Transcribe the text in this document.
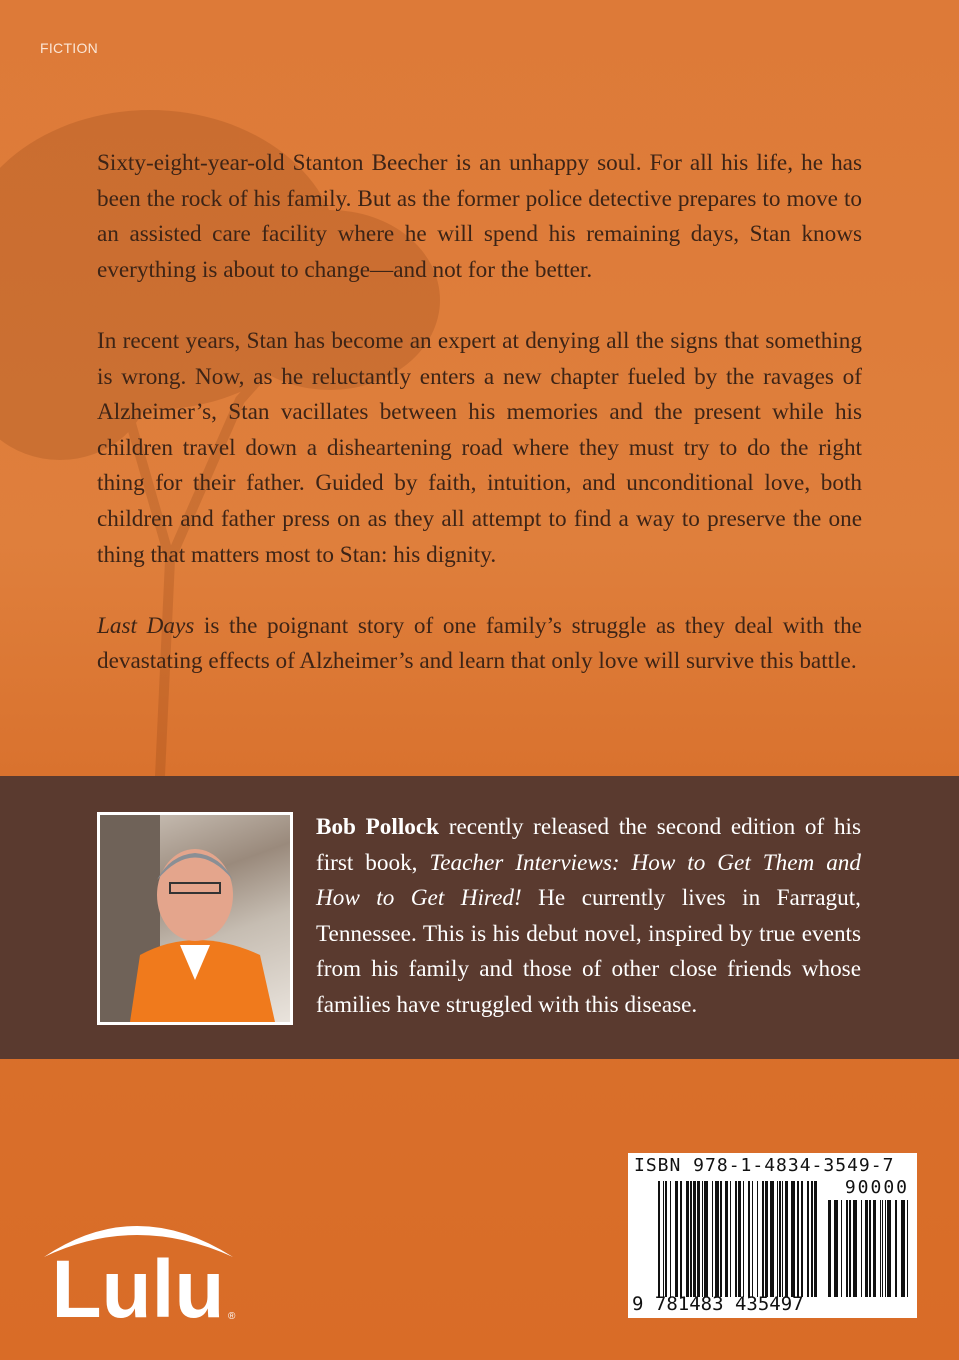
FICTION

Sixty-eight-year-old Stanton Beecher is an unhappy soul. For all his life, he has been the rock of his family. But as the former police detective prepares to move to an assisted care facility where he will spend his remaining days, Stan knows everything is about to change—and not for the better.

In recent years, Stan has become an expert at denying all the signs that something is wrong. Now, as he reluctantly enters a new chapter fueled by the ravages of Alzheimer’s, Stan vacillates between his memories and the present while his children travel down a disheartening road where they must try to do the right thing for their father. Guided by faith, intuition, and unconditional love, both children and father press on as they all attempt to find a way to preserve the one thing that matters most to Stan: his dignity.

Last Days is the poignant story of one family’s struggle as they deal with the devastating effects of Alzheimer’s and learn that only love will survive this battle.

Bob Pollock recently released the second edition of his first book, Teacher Interviews: How to Get Them and How to Get Hired! He currently lives in Farragut, Tennessee. This is his debut novel, inspired by true events from his family and those of other close friends whose families have struggled with this disease.
ISBN 978-1-4834-3549-7
90000
9 781483 435497
Lulu ®
